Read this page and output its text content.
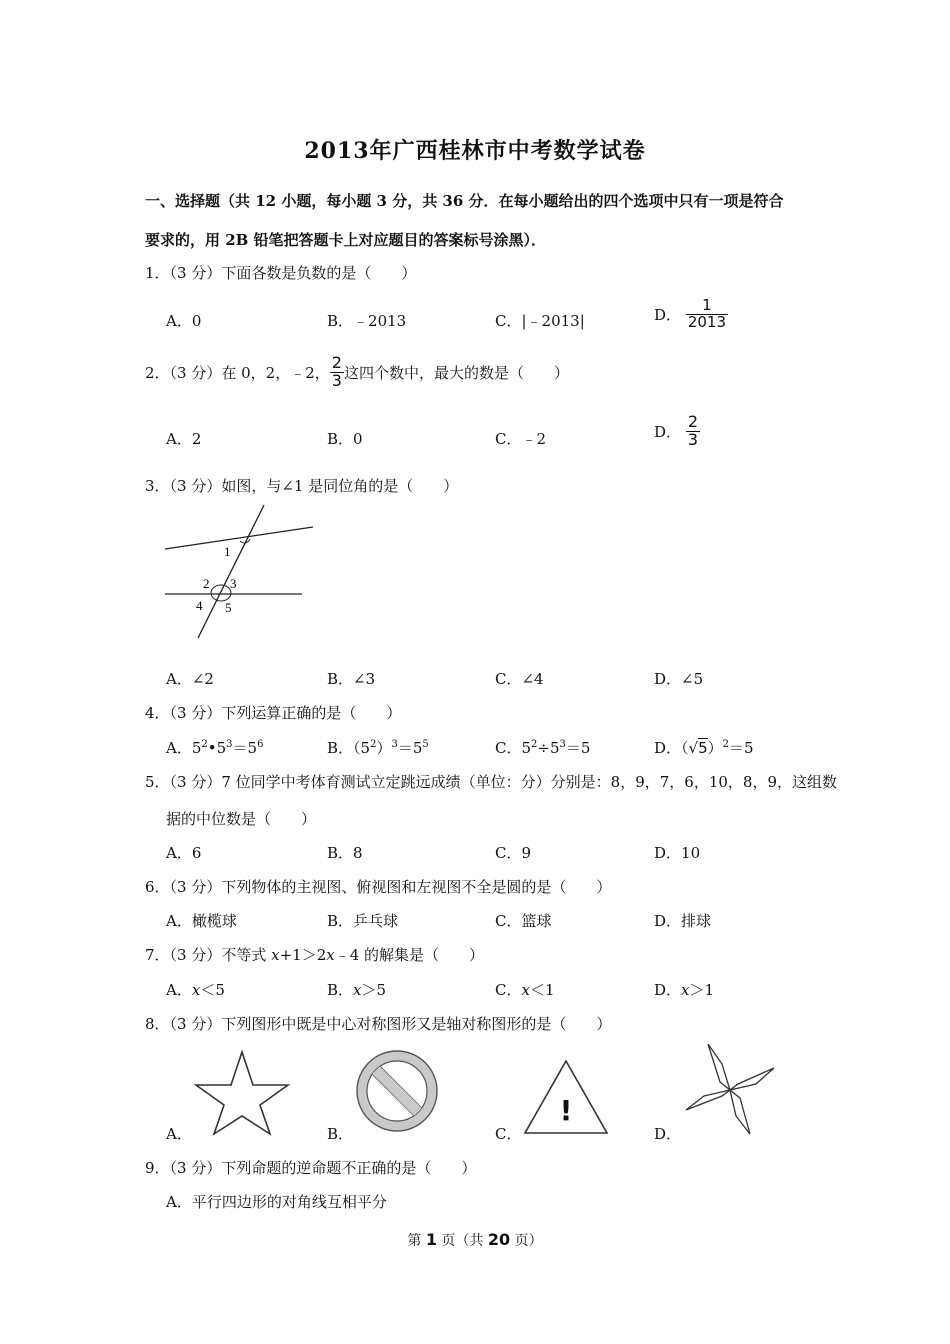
2013年广西桂林市中考数学试卷
一、选择题（共 12 小题，每小题 3 分，共 36 分．在每小题给出的四个选项中只有一项是符合
要求的，用 2B 铅笔把答题卡上对应题目的答案标号涂黑）．
1．（3 分）下面各数是负数的是（　　）
A．0	B．﹣2013	C．|﹣2013|	D． $\frac{1}{2013}$
2．（3 分）在 0，2，﹣2， $\frac{2}{3}$ 这四个数中，最大的数是（　　）
A．2	B．0	C．﹣2	D． $\frac{2}{3}$
3．（3 分）如图，与∠1 是同位角的是（　　）
1
2 3
4 5
A．∠2	B．∠3	C．∠4	D．∠5
4．（3 分）下列运算正确的是（　　）
A．$5^2•5^3=5^6$	B．$(5^2)^3=5^5$	C．$5^2\div 5^3=5$	D．$(√5)^2=5$
5．（3 分）7 位同学中考体育测试立定跳远成绩（单位：分）分别是：8，9，7，6，10，8，9，这组数
据的中位数是（　　）
A．6	B．8	C．9	D．10
6．（3 分）下列物体的主视图、俯视图和左视图不全是圆的是（　　）
A．橄榄球	B．乒乓球	C．篮球	D．排球
7．（3 分）不等式 x+1＞2x﹣4 的解集是（　　）
A．x＜5	B．x＞5	C．x＜1	D．x＞1
8．（3 分）下列图形中既是中心对称图形又是轴对称图形的是（　　）
A．	B．	C．
!
D．
9．（3 分）下列命题的逆命题不正确的是（　　）
A．平行四边形的对角线互相平分
第 1 页（共 20 页）
